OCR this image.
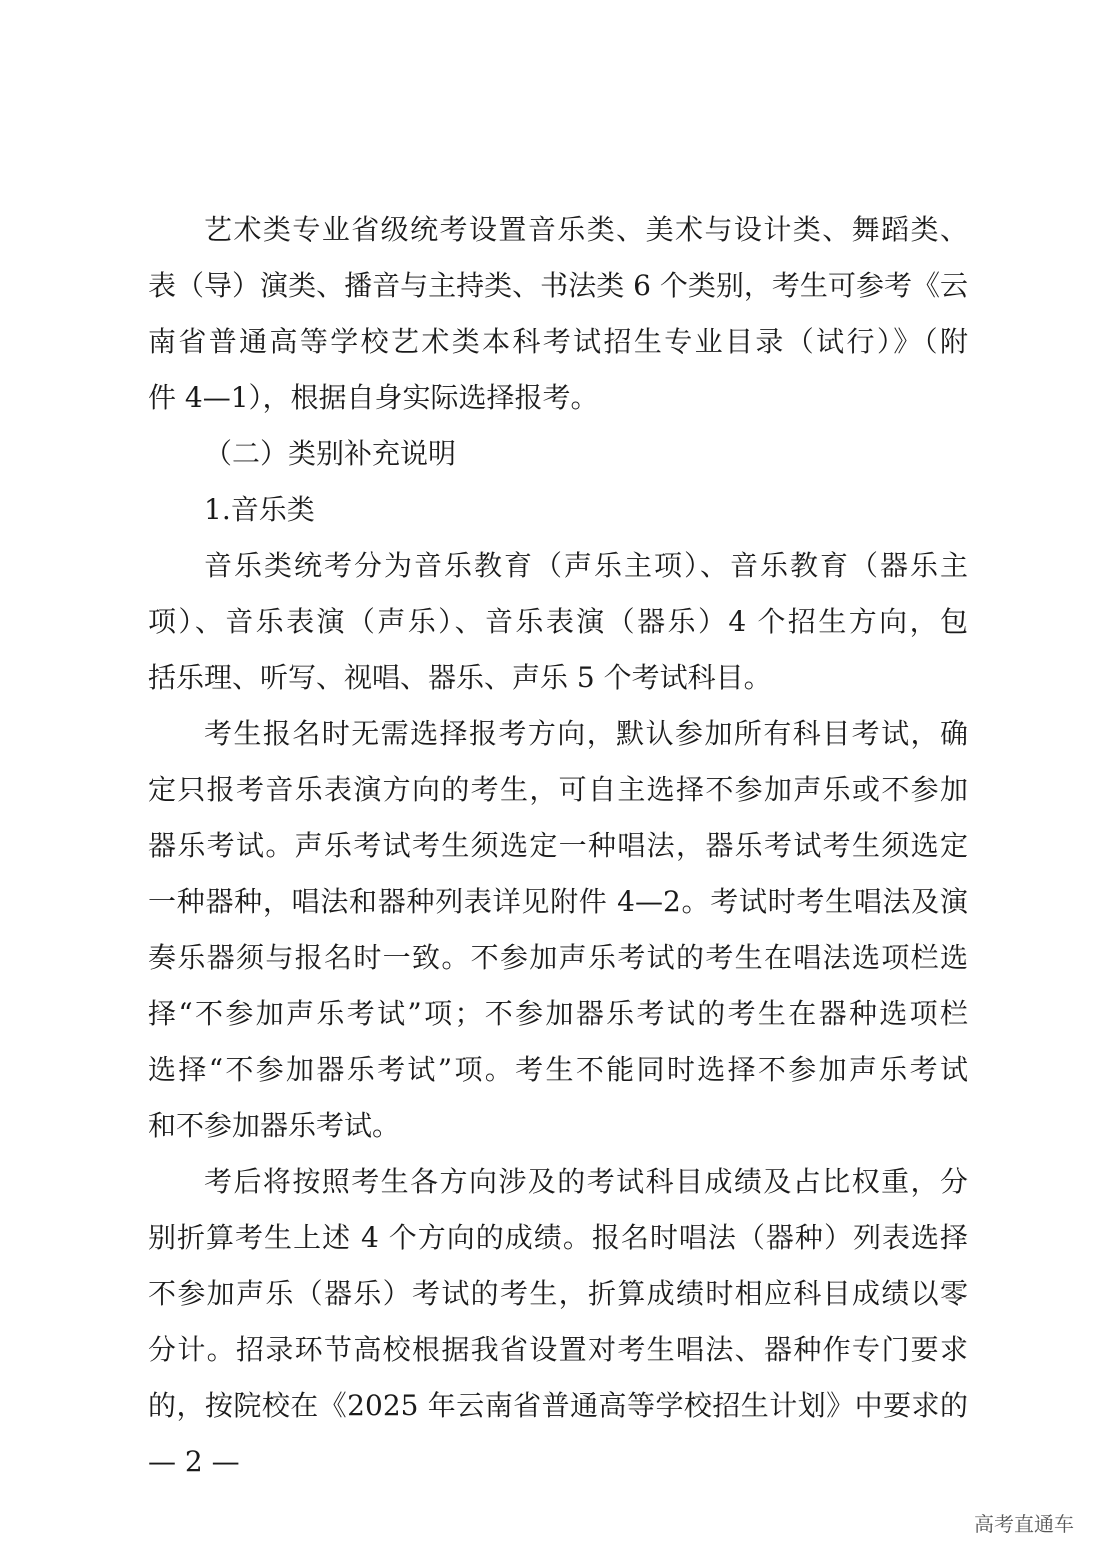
艺术类专业省级统考设置音乐类、美术与设计类、舞蹈类、
表（导）演类、播音与主持类、书法类 6 个类别，考生可参考《云
南省普通高等学校艺术类本科考试招生专业目录（试行）》（附
件 4—1），根据自身实际选择报考。
（二）类别补充说明
1.音乐类
音乐类统考分为音乐教育（声乐主项）、音乐教育（器乐主
项）、音乐表演（声乐）、音乐表演（器乐）4 个招生方向，包
括乐理、听写、视唱、器乐、声乐 5 个考试科目。
考生报名时无需选择报考方向，默认参加所有科目考试，确
定只报考音乐表演方向的考生，可自主选择不参加声乐或不参加
器乐考试。声乐考试考生须选定一种唱法，器乐考试考生须选定
一种器种，唱法和器种列表详见附件 4—2。考试时考生唱法及演
奏乐器须与报名时一致。不参加声乐考试的考生在唱法选项栏选
择“不参加声乐考试”项；不参加器乐考试的考生在器种选项栏
选择“不参加器乐考试”项。考生不能同时选择不参加声乐考试
和不参加器乐考试。
考后将按照考生各方向涉及的考试科目成绩及占比权重，分
别折算考生上述 4 个方向的成绩。报名时唱法（器种）列表选择
不参加声乐（器乐）考试的考生，折算成绩时相应科目成绩以零
分计。招录环节高校根据我省设置对考生唱法、器种作专门要求
的，按院校在《2025 年云南省普通高等学校招生计划》中要求的
— 2 —
高考直通车
